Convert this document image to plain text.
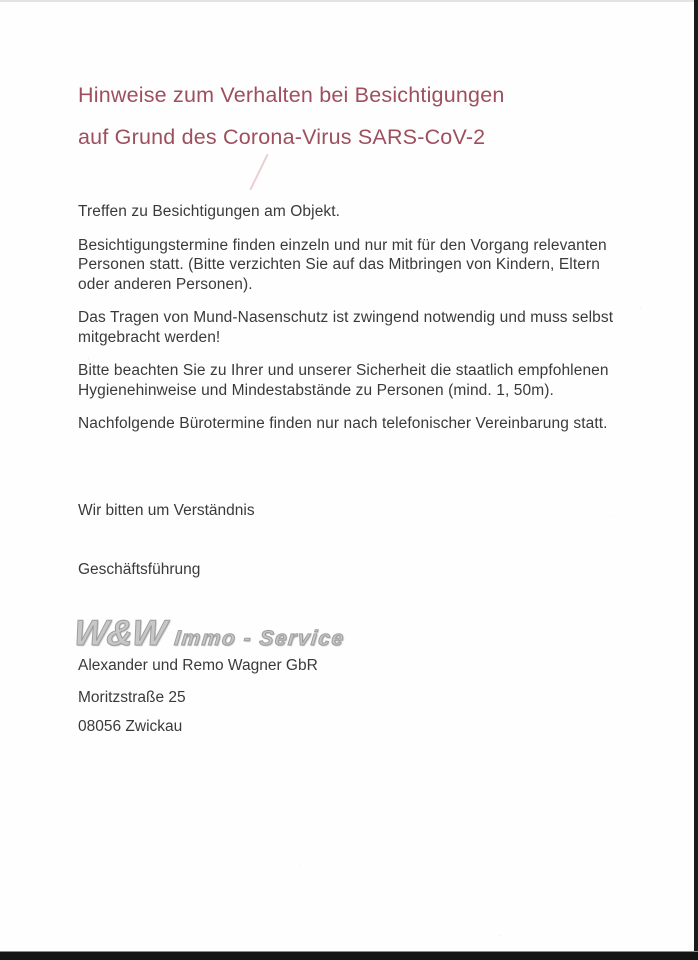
Hinweise zum Verhalten bei Besichtigungen
auf Grund des Corona-Virus SARS-CoV-2
Treffen zu Besichtigungen am Objekt.
Besichtigungstermine finden einzeln und nur mit für den Vorgang relevanten
Personen statt. (Bitte verzichten Sie auf das Mitbringen von Kindern, Eltern
oder anderen Personen).
Das Tragen von Mund-Nasenschutz ist zwingend notwendig und muss selbst
mitgebracht werden!
Bitte beachten Sie zu Ihrer und unserer Sicherheit die staatlich empfohlenen
Hygienehinweise und Mindestabstände zu Personen (mind. 1, 50m).
Nachfolgende Bürotermine finden nur nach telefonischer Vereinbarung statt.
Wir bitten um Verständnis
Geschäftsführung
W&W Immo - Service
Alexander und Remo Wagner GbR
Moritzstraße 25
08056 Zwickau
